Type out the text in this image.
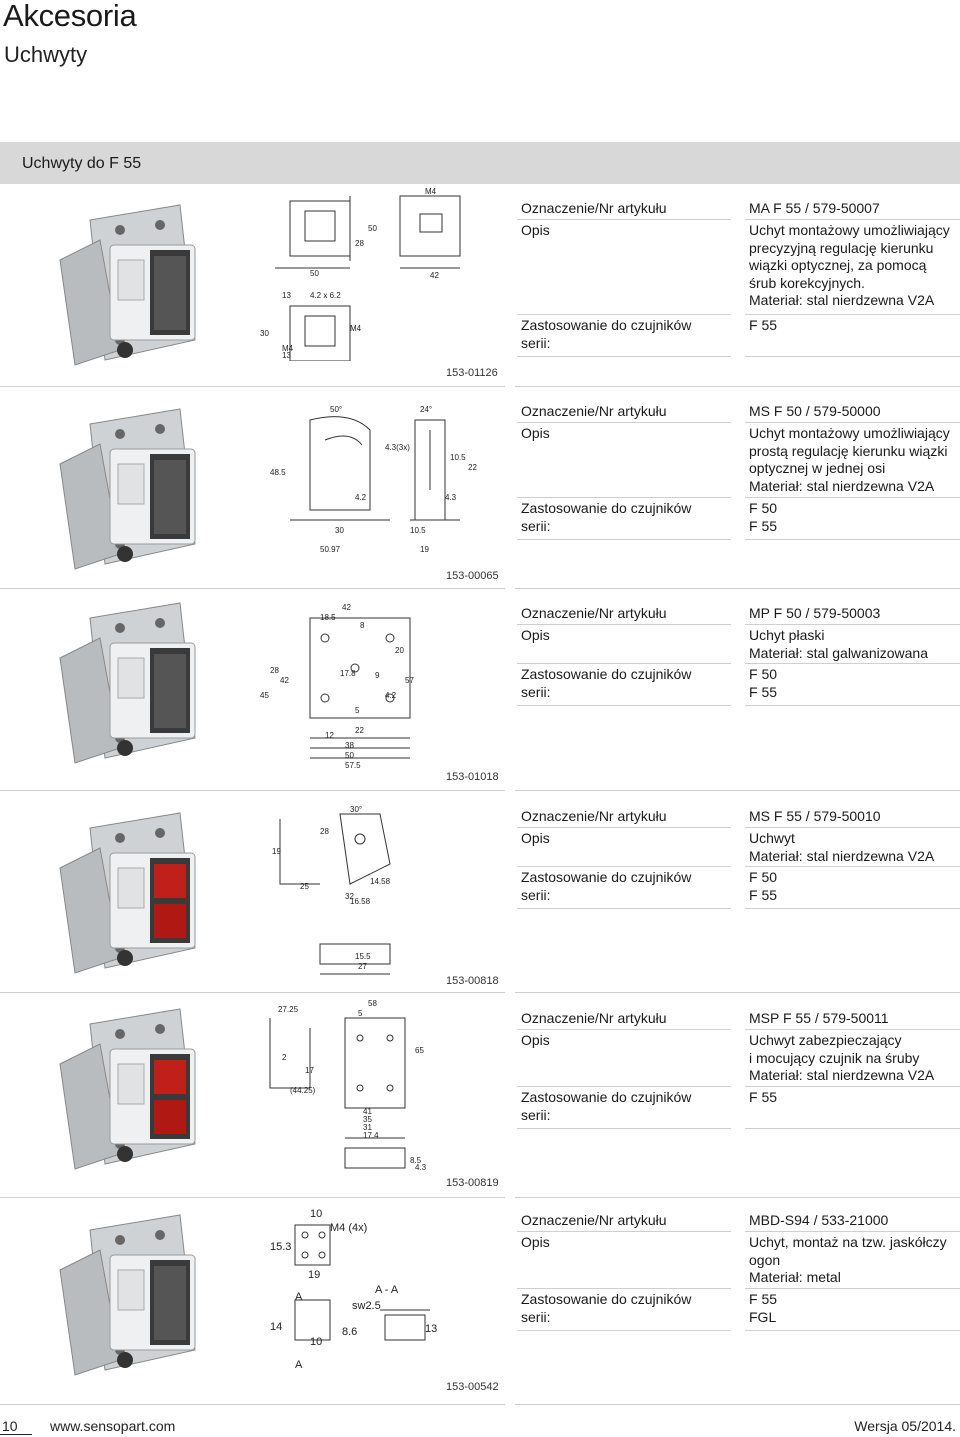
Akcesoria
Uchwyty
Uchwyty do F 55
10 www.sensopart.com	Wersja 05/2014.
M4
50
28
50
42
13 4.2 x 6.2
M4
30
M4
13
153-01126
Oznaczenie/Nr artykułu	MA F 55 / 579-50007
Opis	Uchyt montażowy umożliwiający
precyzyjną regulację kierunku
wiązki optycznej, za pomocą
śrub korekcyjnych.
Materiał: stal nierdzewna V2A
Zastosowanie do czujników
serii:
F 55
50°	24°
4.3(3x)
10.5
22
48.5
4.2	4.3
30	10.5
50.97	19
153-00065
Oznaczenie/Nr artykułu	MS F 50 / 579-50000
Opis	Uchyt montażowy umożliwiający
prostą regulację kierunku wiązki
optycznej w jednej osi
Materiał: stal nierdzewna V2A
Zastosowanie do czujników
serii:
F 50
F 55
42
18.5
8
17.8
20
9
57
4.2
5
28
45
42
22
12
38
50
57.5
153-01018
Oznaczenie/Nr artykułu	MP F 50 / 579-50003
Opis	Uchyt płaski
Materiał: stal galwanizowana
Zastosowanie do czujników
serii:
F 50
F 55
30°
28
19
25
32
14.58
16.58
27
15.5
153-00818
Oznaczenie/Nr artykułu	MS F 55 / 579-50010
Opis	Uchwyt
Materiał: stal nierdzewna V2A
Zastosowanie do czujników
serii:
F 50
F 55
27.25
58
5
2
17
(44.25)
65
41
35
31
17.4
8.5
4.3
153-00819
Oznaczenie/Nr artykułu	MSP F 55 / 579-50011
Opis	Uchwyt zabezpieczający
i mocujący czujnik na śruby
Materiał: stal nierdzewna V2A
Zastosowanie do czujników
serii:
F 55
10
M4 (4x)
15.3
19
A
A - A
sw2.5
14
10
8.6	13
A
153-00542
Oznaczenie/Nr artykułu	MBD-S94 / 533-21000
Opis	Uchyt, montaż na tzw. jaskółczy
ogon
Materiał: metal
Zastosowanie do czujników
serii:
F 55
FGL
